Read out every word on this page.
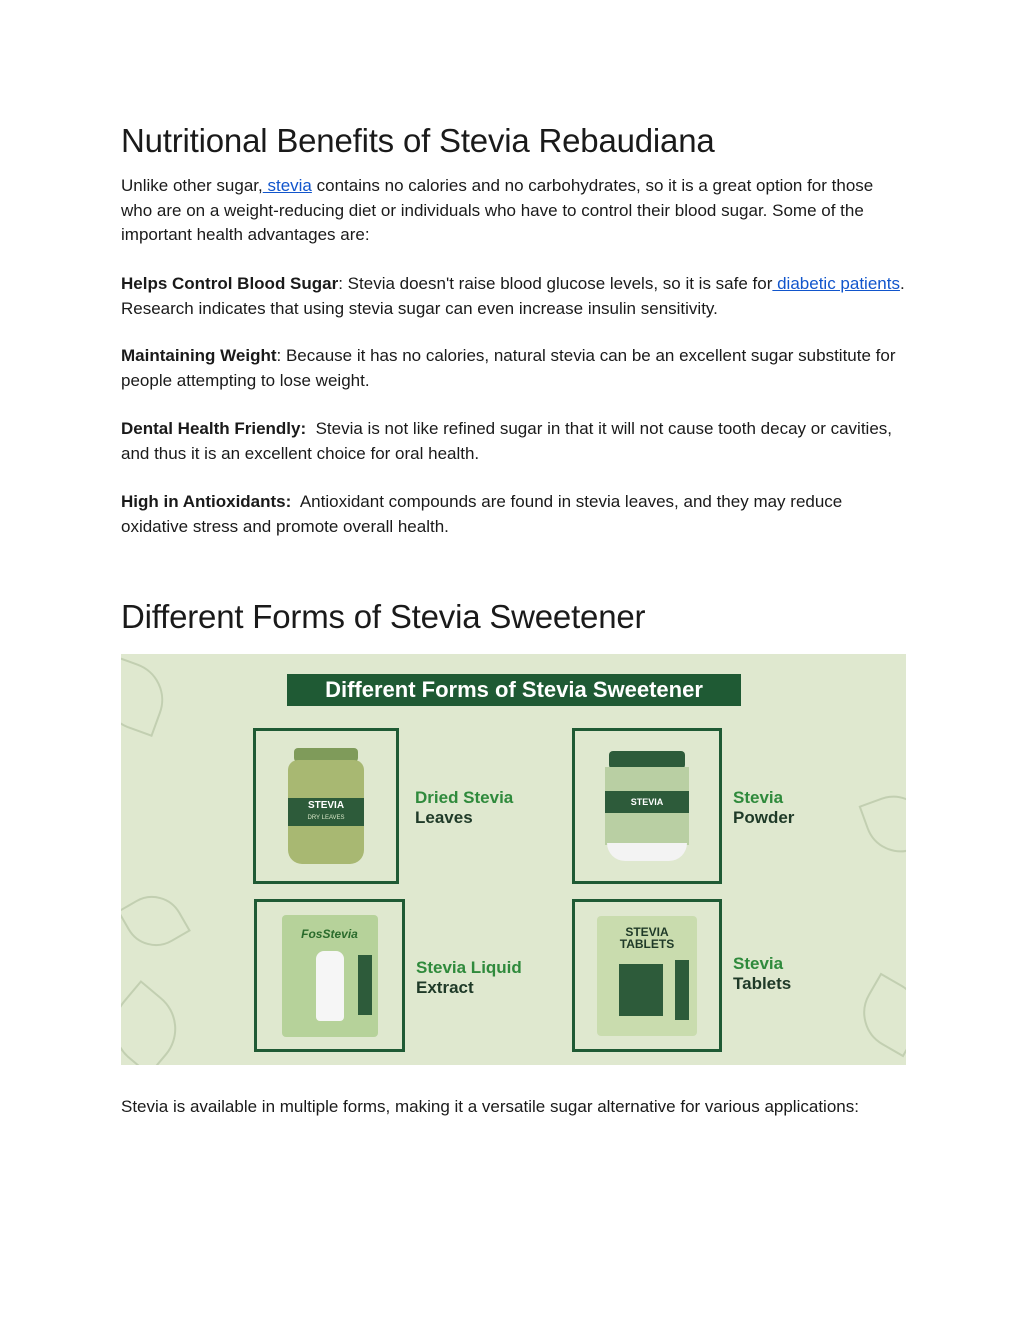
Nutritional Benefits of Stevia Rebaudiana

Unlike other sugar, stevia contains no calories and no carbohydrates, so it is a great option for those who are on a weight-reducing diet or individuals who have to control their blood sugar. Some of the important health advantages are:

Helps Control Blood Sugar: Stevia doesn't raise blood glucose levels, so it is safe for diabetic patients. Research indicates that using stevia sugar can even increase insulin sensitivity.

Maintaining Weight: Because it has no calories, natural stevia can be an excellent sugar substitute for people attempting to lose weight.

Dental Health Friendly:  Stevia is not like refined sugar in that it will not cause tooth decay or cavities, and thus it is an excellent choice for oral health.

High in Antioxidants:  Antioxidant compounds are found in stevia leaves, and they may reduce oxidative stress and promote overall health.

Different Forms of Stevia Sweetener
Different Forms of Stevia Sweetener
STEVIA
DRY LEAVES
Dried Stevia
Leaves
STEVIA	Stevia
Powder
FosStevia
Stevia Liquid
Extract
STEVIA TABLETS
Stevia
Tablets

Stevia is available in multiple forms, making it a versatile sugar alternative for various applications:
